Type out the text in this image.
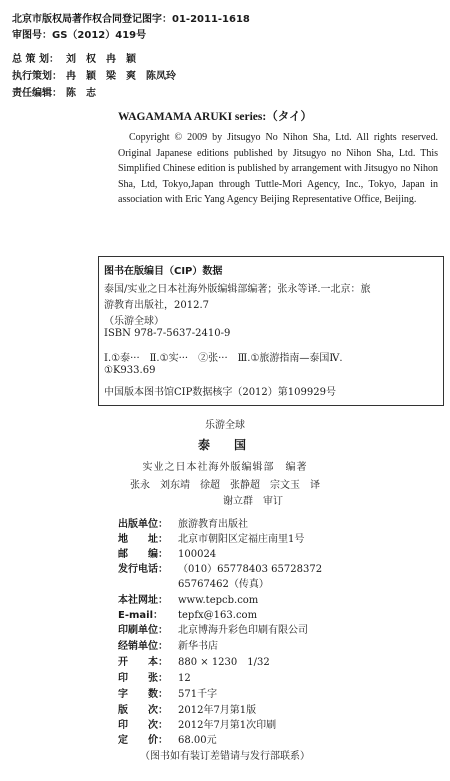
北京市版权局著作权合同登记图字：01-2011-1618
审图号：GS（2012）419号
总 策 划： 刘　权　冉　颖
执行策划： 冉　颖　梁　爽　陈凤玲
责任编辑： 陈　志
WAGAMAMA ARUKI series:（タイ）
Copyright © 2009 by Jitsugyo No Nihon Sha, Ltd. All rights reserved. Original Japanese editions published by Jitsugyo no Nihon Sha, Ltd. This Simplified Chinese edition is published by arrangement with Jitsugyo no Nihon Sha, Ltd, Tokyo,Japan through Tuttle-Mori Agency, Inc., Tokyo, Japan in association with Eric Yang Agency Beijing Representative Office, Beijing.
图书在版编目（CIP）数据
泰国/实业之日本社海外版编辑部编著；张永等译.一北京：旅
游教育出版社，2012.7
（乐游全球）
ISBN 978-7-5637-2410-9
Ⅰ.①泰···　Ⅱ.①实···　②张···　Ⅲ.①旅游指南—泰国Ⅳ.
①K933.69
中国版本图书馆CIP数据核字（2012）第109929号
乐游全球
泰　国
实业之日本社海外版编辑部　编著
张永　刘东靖　徐超　张静超　宗文玉　译
谢立群　审订
出版单位： 旅游教育出版社
地　　址： 北京市朝阳区定福庄南里1号
邮　　编： 100024
发行电话： （010）65778403 65728372
65767462（传真）
本社网址： www.tepcb.com
E-mail： tepfx@163.com
印刷单位： 北京博海升彩色印刷有限公司
经销单位： 新华书店
开　　本： 880 × 1230　1/32
印　　张： 12
字　　数： 571千字
版　　次： 2012年7月第1版
印　　次： 2012年7月第1次印刷
定　　价： 68.00元
（图书如有装订差错请与发行部联系）
